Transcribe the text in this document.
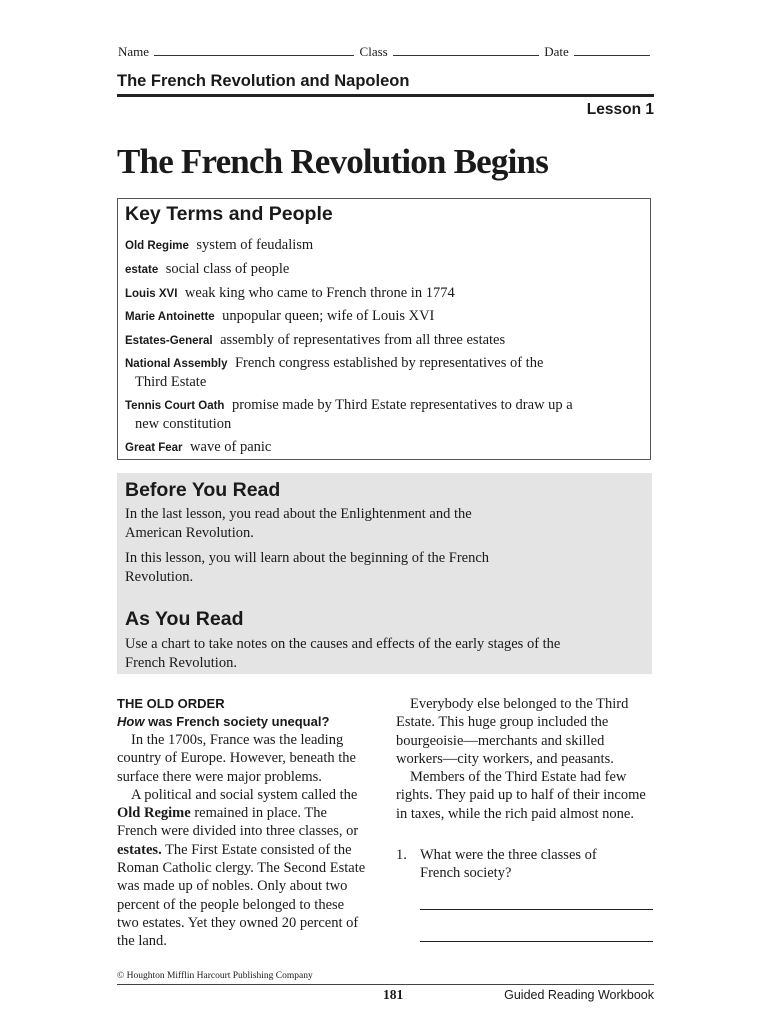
Name	Class	Date
The French Revolution and Napoleon
Lesson 1
The French Revolution Begins
Key Terms and People
Old Regime system of feudalism
estate social class of people
Louis XVI weak king who came to French throne in 1774
Marie Antoinette unpopular queen; wife of Louis XVI
Estates-General assembly of representatives from all three estates
National Assembly French congress established by representatives of the
Third Estate
Tennis Court Oath promise made by Third Estate representatives to draw up a
new constitution
Great Fear wave of panic
Before You Read

In the last lesson, you read about the Enlightenment and the American Revolution.

In this lesson, you will learn about the beginning of the French Revolution.

As You Read

Use a chart to take notes on the causes and effects of the early stages of the French Revolution.

THE OLD ORDER

How was French society unequal?

In the 1700s, France was the leading country of Europe. However, beneath the surface there were major problems.

A political and social system called the Old Regime remained in place. The French were divided into three classes, or estates. The First Estate consisted of the Roman Catholic clergy. The Second Estate was made up of nobles. Only about two percent of the people belonged to these two estates. Yet they owned 20 percent of the land.

Everybody else belonged to the Third Estate. This huge group included the bourgeoisie—merchants and skilled workers—city workers, and peasants.

Members of the Third Estate had few rights. They paid up to half of their income in taxes, while the rich paid almost none.

1. What were the three classes of French society?
© Houghton Mifflin Harcourt Publishing Company
181	Guided Reading Workbook
